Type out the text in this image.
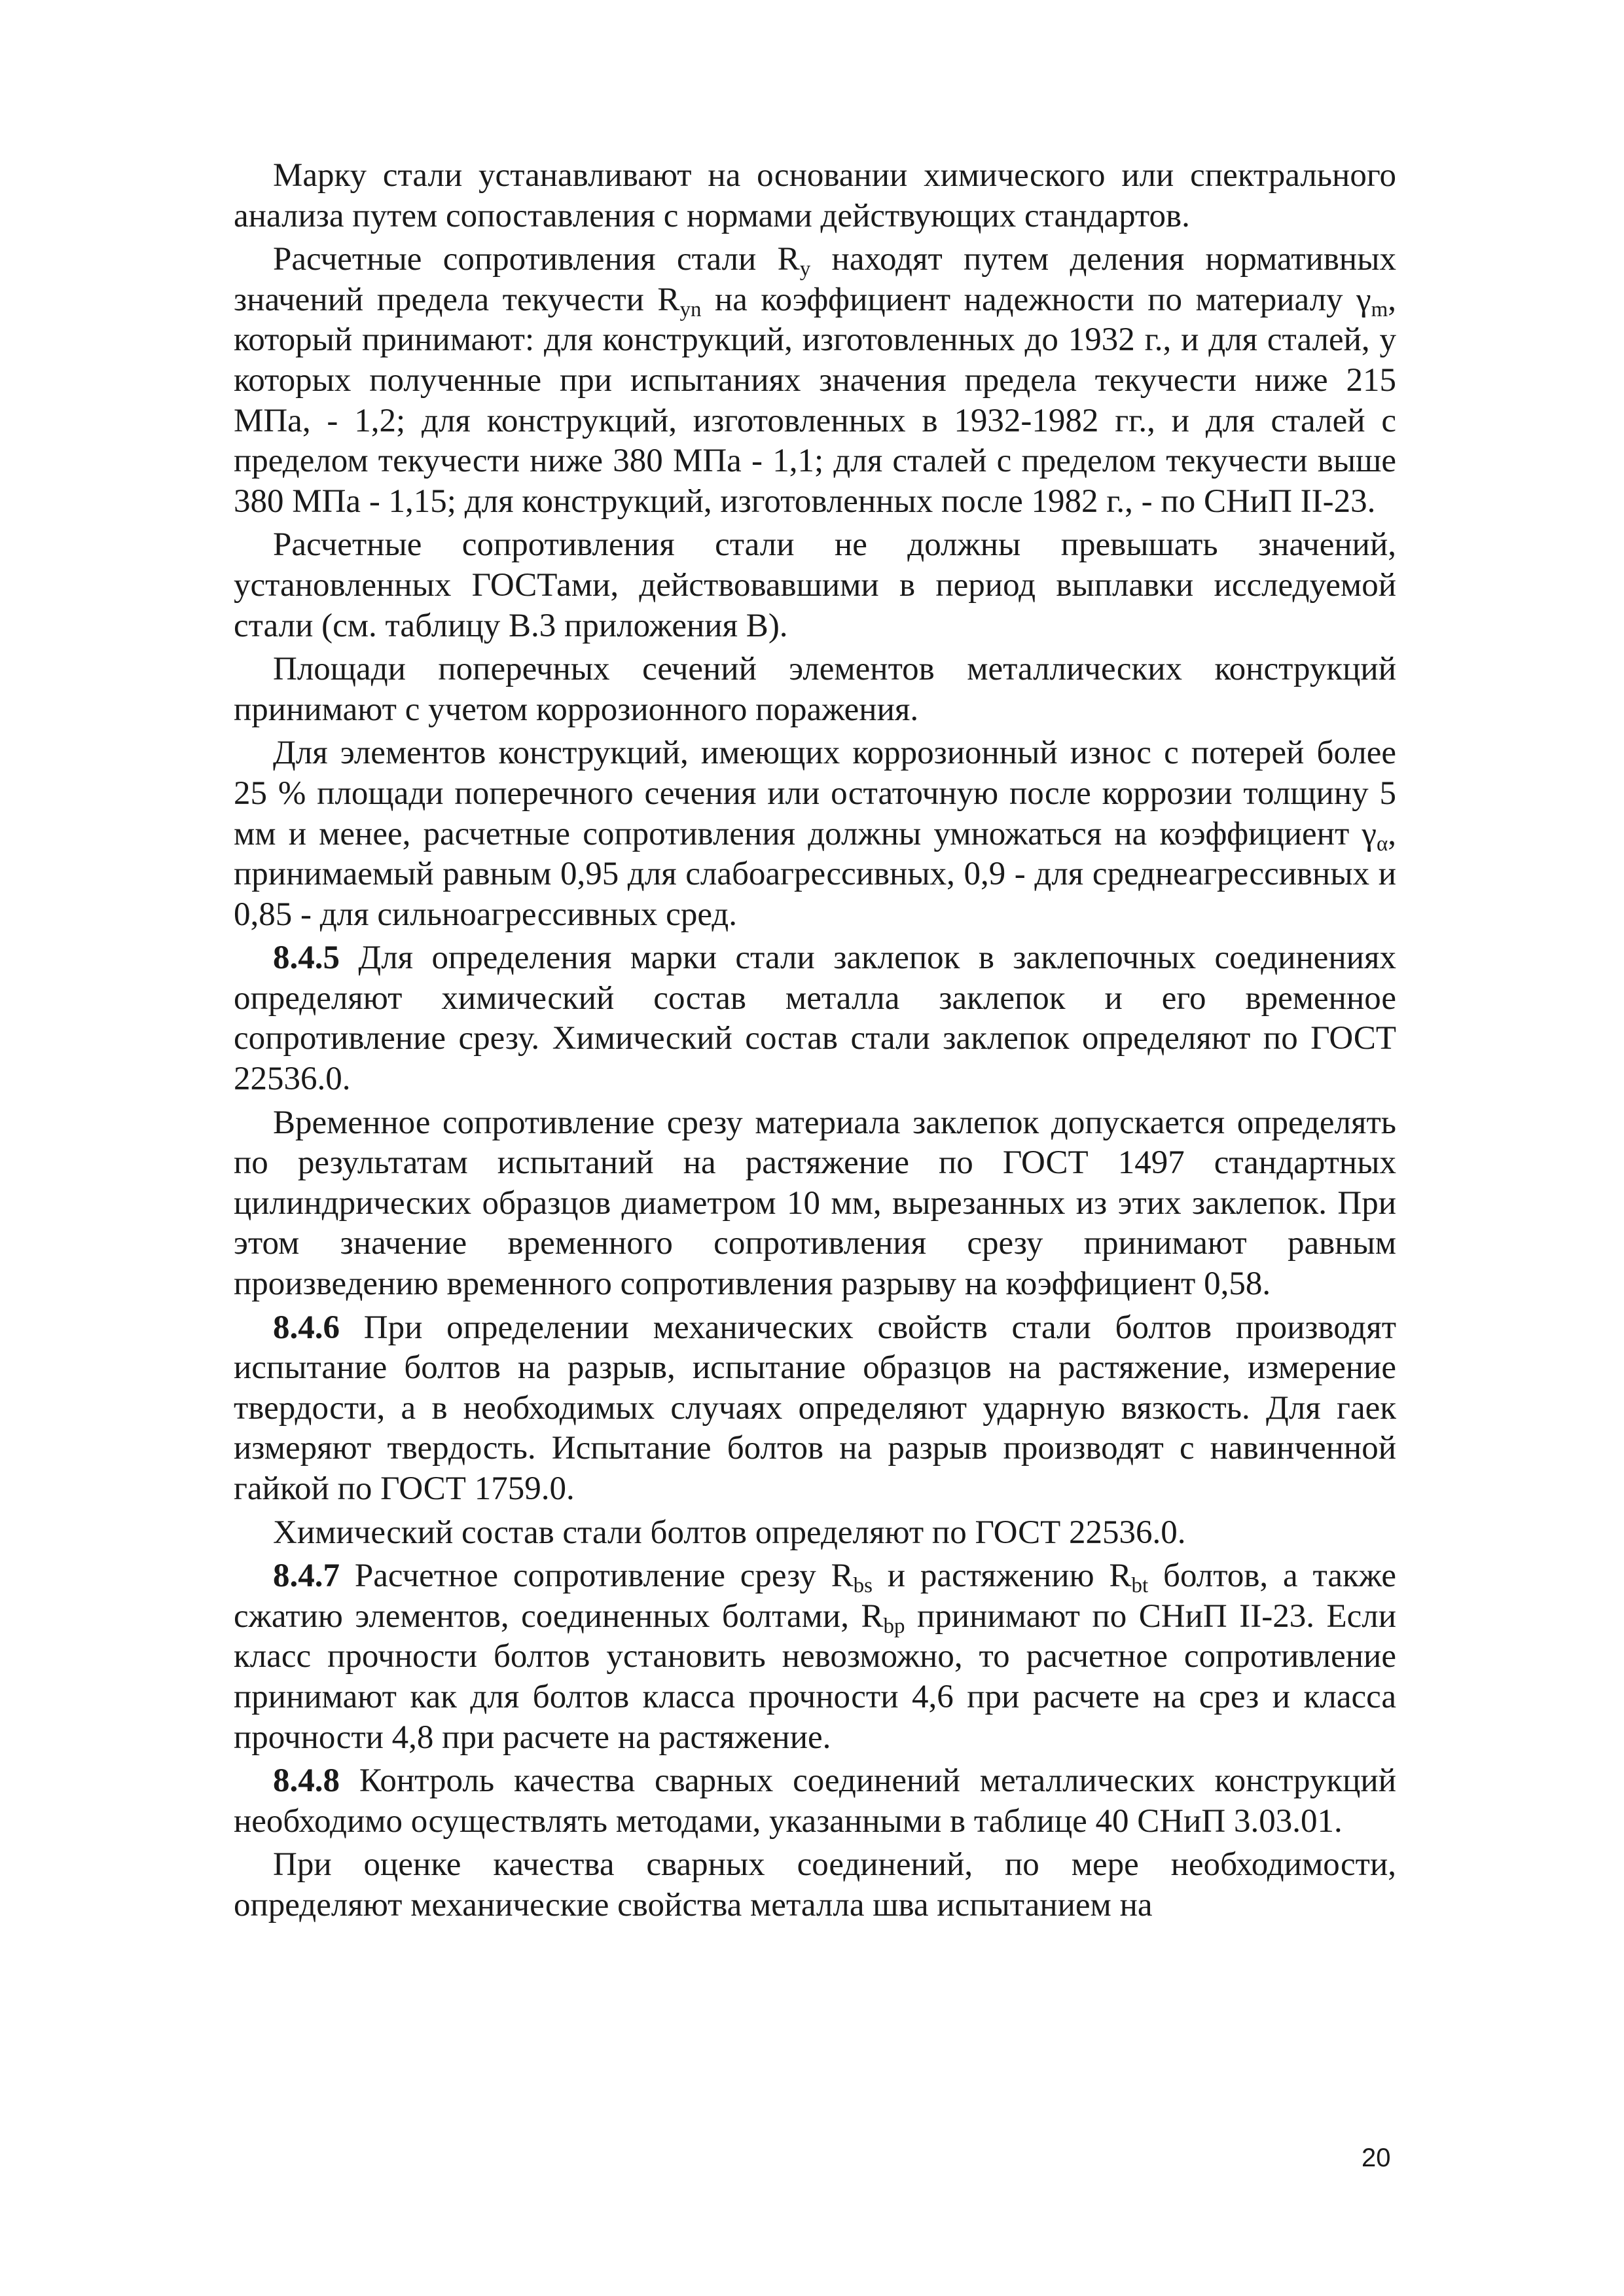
Марку стали устанавливают на основании химического или спектрального анализа путем сопоставления с нормами действующих стандартов.

Расчетные сопротивления стали $R_y$ находят путем деления нормативных значений предела текучести $R_{yn}$ на коэффициент надежности по материалу $\gamma_m$, который принимают: для конструкций, изготовленных до 1932 г., и для сталей, у которых полученные при испытаниях значения предела текучести ниже 215 МПа, - 1,2; для конструкций, изготовленных в 1932-1982 гг., и для сталей с пределом текучести ниже 380 МПа - 1,1; для сталей с пределом текучести выше 380 МПа - 1,15; для конструкций, изготовленных после 1982 г., - по СНиП II-23.

Расчетные сопротивления стали не должны превышать значений, установленных ГОСТами, действовавшими в период выплавки исследуемой стали (см. таблицу В.3 приложения В).

Площади поперечных сечений элементов металлических конструкций принимают с учетом коррозионного поражения.

Для элементов конструкций, имеющих коррозионный износ с потерей более 25 % площади поперечного сечения или остаточную после коррозии толщину 5 мм и менее, расчетные сопротивления должны умножаться на коэффициент $\gamma_\alpha$, принимаемый равным 0,95 для слабоагрессивных, 0,9 - для среднеагрессивных и 0,85 - для сильноагрессивных сред.

8.4.5 Для определения марки стали заклепок в заклепочных соединениях определяют химический состав металла заклепок и его временное сопротивление срезу. Химический состав стали заклепок определяют по ГОСТ 22536.0.

Временное сопротивление срезу материала заклепок допускается определять по результатам испытаний на растяжение по ГОСТ 1497 стандартных цилиндрических образцов диаметром 10 мм, вырезанных из этих заклепок. При этом значение временного сопротивления срезу принимают равным произведению временного сопротивления разрыву на коэффициент 0,58.

8.4.6 При определении механических свойств стали болтов производят испытание болтов на разрыв, испытание образцов на растяжение, измерение твердости, а в необходимых случаях определяют ударную вязкость. Для гаек измеряют твердость. Испытание болтов на разрыв производят с навинченной гайкой по ГОСТ 1759.0.

Химический состав стали болтов определяют по ГОСТ 22536.0.

8.4.7 Расчетное сопротивление срезу $R_{bs}$ и растяжению $R_{bt}$ болтов, а также сжатию элементов, соединенных болтами, $R_{bp}$ принимают по СНиП II-23. Если класс прочности болтов установить невозможно, то расчетное сопротивление принимают как для болтов класса прочности 4,6 при расчете на срез и класса прочности 4,8 при расчете на растяжение.

8.4.8 Контроль качества сварных соединений металлических конструкций необходимо осуществлять методами, указанными в таблице 40 СНиП 3.03.01.

При оценке качества сварных соединений, по мере необходимости, определяют механические свойства металла шва испытанием на

20
